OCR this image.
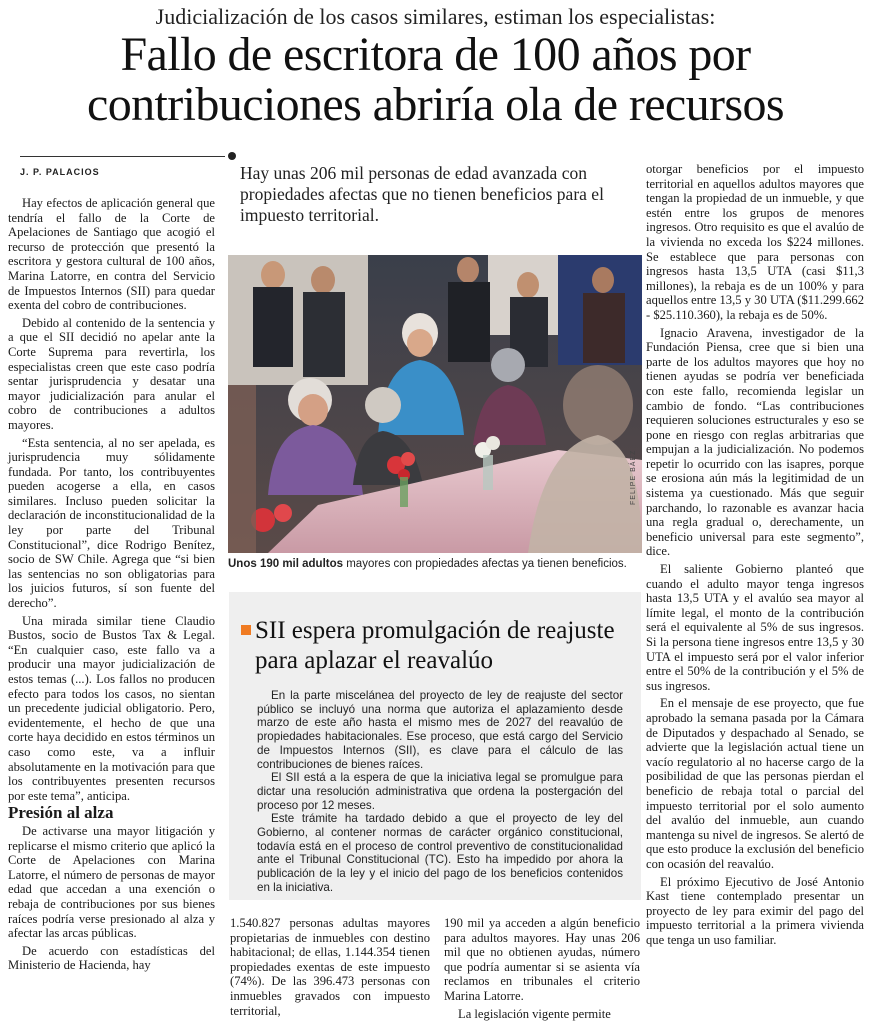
Judicialización de los casos similares, estiman los especialistas:
Fallo de escritora de 100 años por
contribuciones abriría ola de recursos
J. P. PALACIOS	Hay unas 206 mil personas de edad avanzada con propiedades afectas que no tienen beneficios para el impuesto territorial.

Hay efectos de aplicación general que tendría el fallo de la Corte de Apelaciones de Santiago que acogió el recurso de protección que presentó la escritora y gestora cultural de 100 años, Marina Latorre, en contra del Servicio de Impuestos Internos (SII) para quedar exenta del cobro de contribuciones.

Debido al contenido de la sentencia y a que el SII decidió no apelar ante la Corte Suprema para revertirla, los especialistas creen que este caso podría sentar jurisprudencia y desatar una mayor judicialización para anular el cobro de contribuciones a adultos mayores.

“Esta sentencia, al no ser apelada, es jurisprudencia muy sólidamente fundada. Por tanto, los contribuyentes pueden acogerse a ella, en casos similares. Incluso pueden solicitar la declaración de inconstitucionalidad de la ley por parte del Tribunal Constitucional”, dice Rodrigo Benítez, socio de SW Chile. Agrega que “si bien las sentencias no son obligatorias para los juicios futuros, sí son fuente del derecho”.

Una mirada similar tiene Claudio Bustos, socio de Bustos Tax & Legal. “En cualquier caso, este fallo va a producir una mayor judicialización de estos temas (...). Los fallos no producen efecto para todos los casos, no sientan un precedente judicial obligatorio. Pero, evidentemente, el hecho de que una corte haya decidido en estos términos un caso como este, va a influir absolutamente en la motivación para que los contribuyentes presenten recursos por este tema”, anticipa.

Presión al alza

De activarse una mayor litigación y replicarse el mismo criterio que aplicó la Corte de Apelaciones con Marina Latorre, el número de personas de mayor edad que accedan a una exención o rebaja de contribuciones por sus bienes raíces podría verse presionado al alza y afectar las arcas públicas.

De acuerdo con estadísticas del Ministerio de Hacienda, hay

FELIPE BÁEZ
Unos 190 mil adultos mayores con propiedades afectas ya tienen beneficios.
SII espera promulgación de reajuste para aplazar el reavalúo

En la parte miscelánea del proyecto de ley de reajuste del sector público se incluyó una norma que autoriza el aplazamiento desde marzo de este año hasta el mismo mes de 2027 del reavalúo de propiedades habitacionales. Ese proceso, que está cargo del Servicio de Impuestos Internos (SII), es clave para el cálculo de las contribuciones de bienes raíces.

El SII está a la espera de que la iniciativa legal se promulgue para dictar una resolución administrativa que ordena la postergación del proceso por 12 meses.

Este trámite ha tardado debido a que el proyecto de ley del Gobierno, al contener normas de carácter orgánico constitucional, todavía está en el proceso de control preventivo de constitucionalidad ante el Tribunal Constitucional (TC). Esto ha impedido por ahora la publicación de la ley y el inicio del pago de los beneficios contenidos en la iniciativa.

1.540.827 personas adultas mayores propietarias de inmuebles con destino habitacional; de ellas, 1.144.354 tienen propiedades exentas de este impuesto (74%). De las 396.473 personas con inmuebles gravados con impuesto territorial,

190 mil ya acceden a algún beneficio para adultos mayores. Hay unas 206 mil que no obtienen ayudas, número que podría aumentar si se asienta vía reclamos en tribunales el criterio Marina Latorre.

La legislación vigente permite

otorgar beneficios por el impuesto territorial en aquellos adultos mayores que tengan la propiedad de un inmueble, y que estén entre los grupos de menores ingresos. Otro requisito es que el avalúo de la vivienda no exceda los $224 millones. Se establece que para personas con ingresos hasta 13,5 UTA (casi $11,3 millones), la rebaja es de un 100% y para aquellos entre 13,5 y 30 UTA ($11.299.662 - $25.110.360), la rebaja es de 50%.

Ignacio Aravena, investigador de la Fundación Piensa, cree que si bien una parte de los adultos mayores que hoy no tienen ayudas se podría ver beneficiada con este fallo, recomienda legislar un cambio de fondo. “Las contribuciones requieren soluciones estructurales y eso se pone en riesgo con reglas arbitrarias que empujan a la judicialización. No podemos repetir lo ocurrido con las isapres, porque se erosiona aún más la legitimidad de un sistema ya cuestionado. Más que seguir parchando, lo razonable es avanzar hacia una regla gradual o, derechamente, un beneficio universal para este segmento”, dice.

El saliente Gobierno planteó que cuando el adulto mayor tenga ingresos hasta 13,5 UTA y el avalúo sea mayor al límite legal, el monto de la contribución será el equivalente al 5% de sus ingresos. Si la persona tiene ingresos entre 13,5 y 30 UTA el impuesto será por el valor inferior entre el 50% de la contribución y el 5% de sus ingresos.

En el mensaje de ese proyecto, que fue aprobado la semana pasada por la Cámara de Diputados y despachado al Senado, se advierte que la legislación actual tiene un vacío regulatorio al no hacerse cargo de la posibilidad de que las personas pierdan el beneficio de rebaja total o parcial del impuesto territorial por el solo aumento del avalúo del inmueble, aun cuando mantenga su nivel de ingresos. Se alertó de que esto produce la exclusión del beneficio con ocasión del reavalúo.

El próximo Ejecutivo de José Antonio Kast tiene contemplado presentar un proyecto de ley para eximir del pago del impuesto territorial a la primera vivienda que tenga un uso familiar.
